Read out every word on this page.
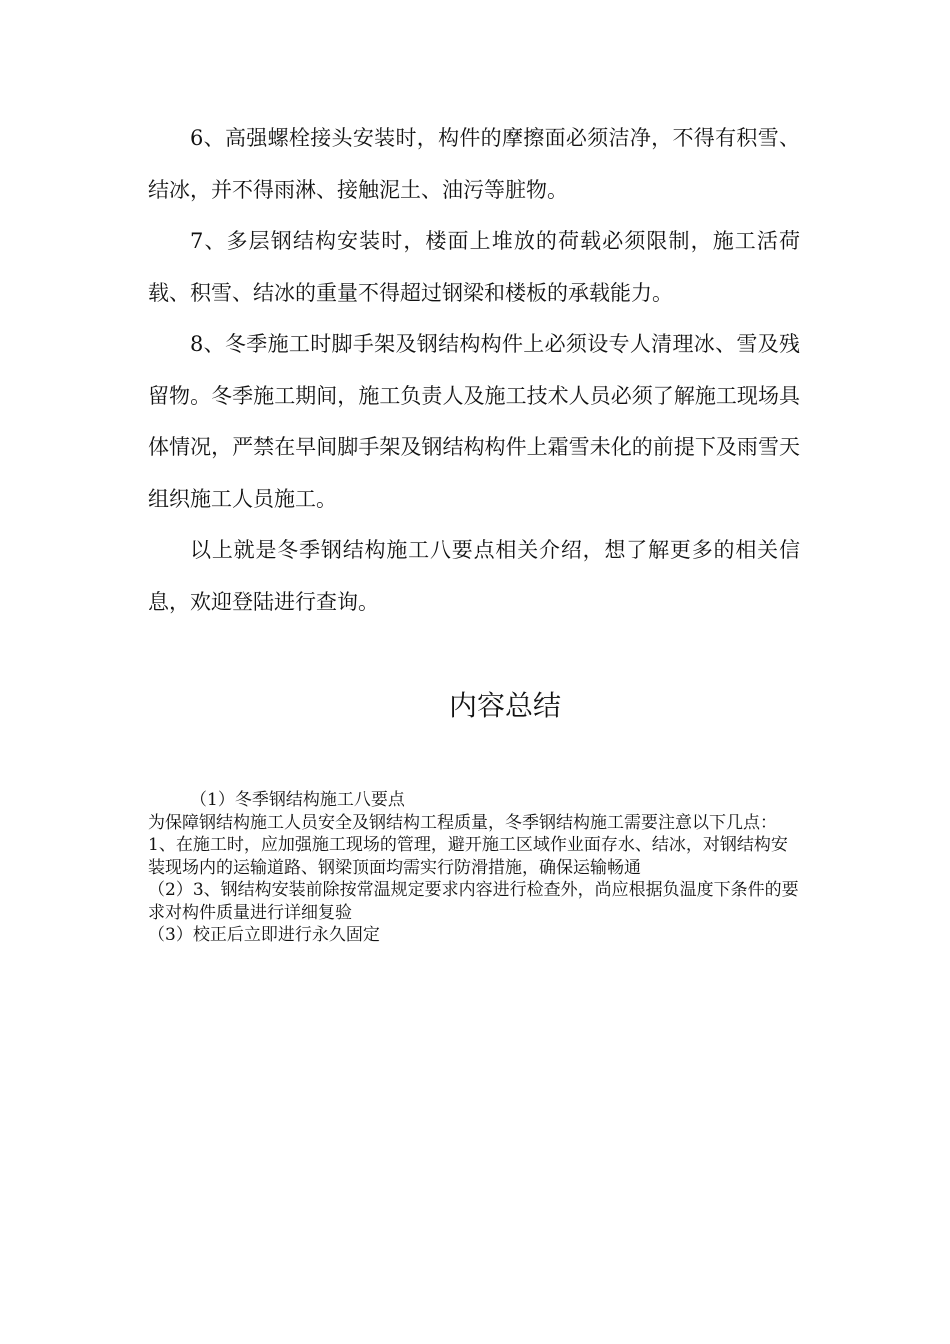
6、高强螺栓接头安装时，构件的摩擦面必须洁净，不得有积雪、结冰，并不得雨淋、接触泥土、油污等脏物。

7、多层钢结构安装时，楼面上堆放的荷载必须限制，施工活荷载、积雪、结冰的重量不得超过钢梁和楼板的承载能力。

8、冬季施工时脚手架及钢结构构件上必须设专人清理冰、雪及残留物。冬季施工期间，施工负责人及施工技术人员必须了解施工现场具体情况，严禁在早间脚手架及钢结构构件上霜雪未化的前提下及雨雪天组织施工人员施工。

以上就是冬季钢结构施工八要点相关介绍，想了解更多的相关信息，欢迎登陆进行查询。

内容总结

（1）冬季钢结构施工八要点

为保障钢结构施工人员安全及钢结构工程质量，冬季钢结构施工需要注意以下几点：

1、在施工时，应加强施工现场的管理，避开施工区域作业面存水、结冰，对钢结构安装现场内的运输道路、钢梁顶面均需实行防滑措施，确保运输畅通

（2）3、钢结构安装前除按常温规定要求内容进行检查外，尚应根据负温度下条件的要求对构件质量进行详细复验

（3）校正后立即进行永久固定
